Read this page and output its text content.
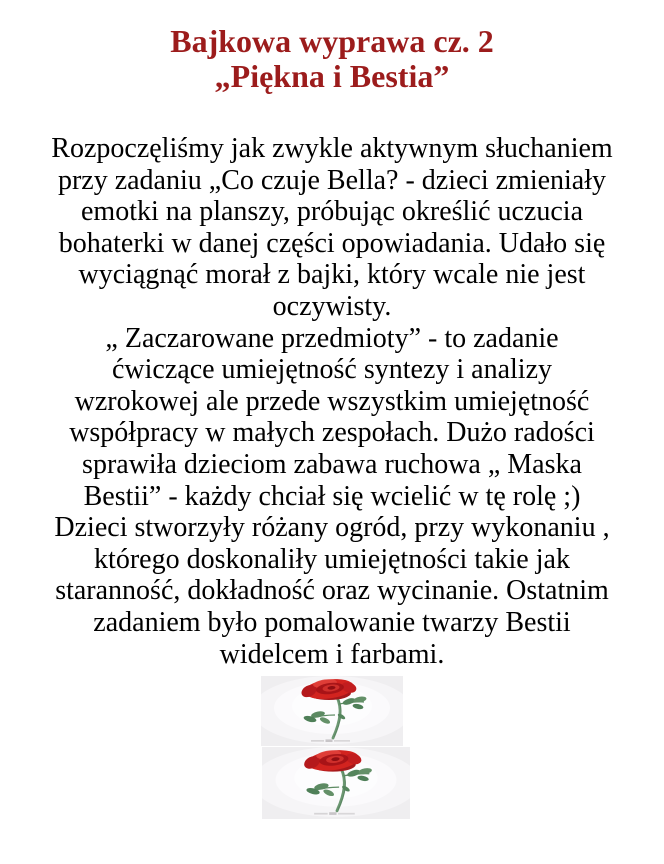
Bajkowa wyprawa cz. 2
„Piękna i Bestia”
Rozpoczęliśmy jak zwykle aktywnym słuchaniem
przy zadaniu „Co czuje Bella? - dzieci zmieniały
emotki na planszy, próbując określić uczucia
bohaterki w danej części opowiadania. Udało się
wyciągnąć morał z bajki, który wcale nie jest
oczywisty.
„ Zaczarowane przedmioty” - to zadanie
ćwiczące umiejętność syntezy i analizy
wzrokowej ale przede wszystkim umiejętność
współpracy w małych zespołach. Dużo radości
sprawiła dzieciom zabawa ruchowa „ Maska
Bestii” - każdy chciał się wcielić w tę rolę ;)
Dzieci stworzyły różany ogród, przy wykonaniu ,
którego doskonaliły umiejętności takie jak
staranność, dokładność oraz wycinanie. Ostatnim
zadaniem było pomalowanie twarzy Bestii
widelcem i farbami.
